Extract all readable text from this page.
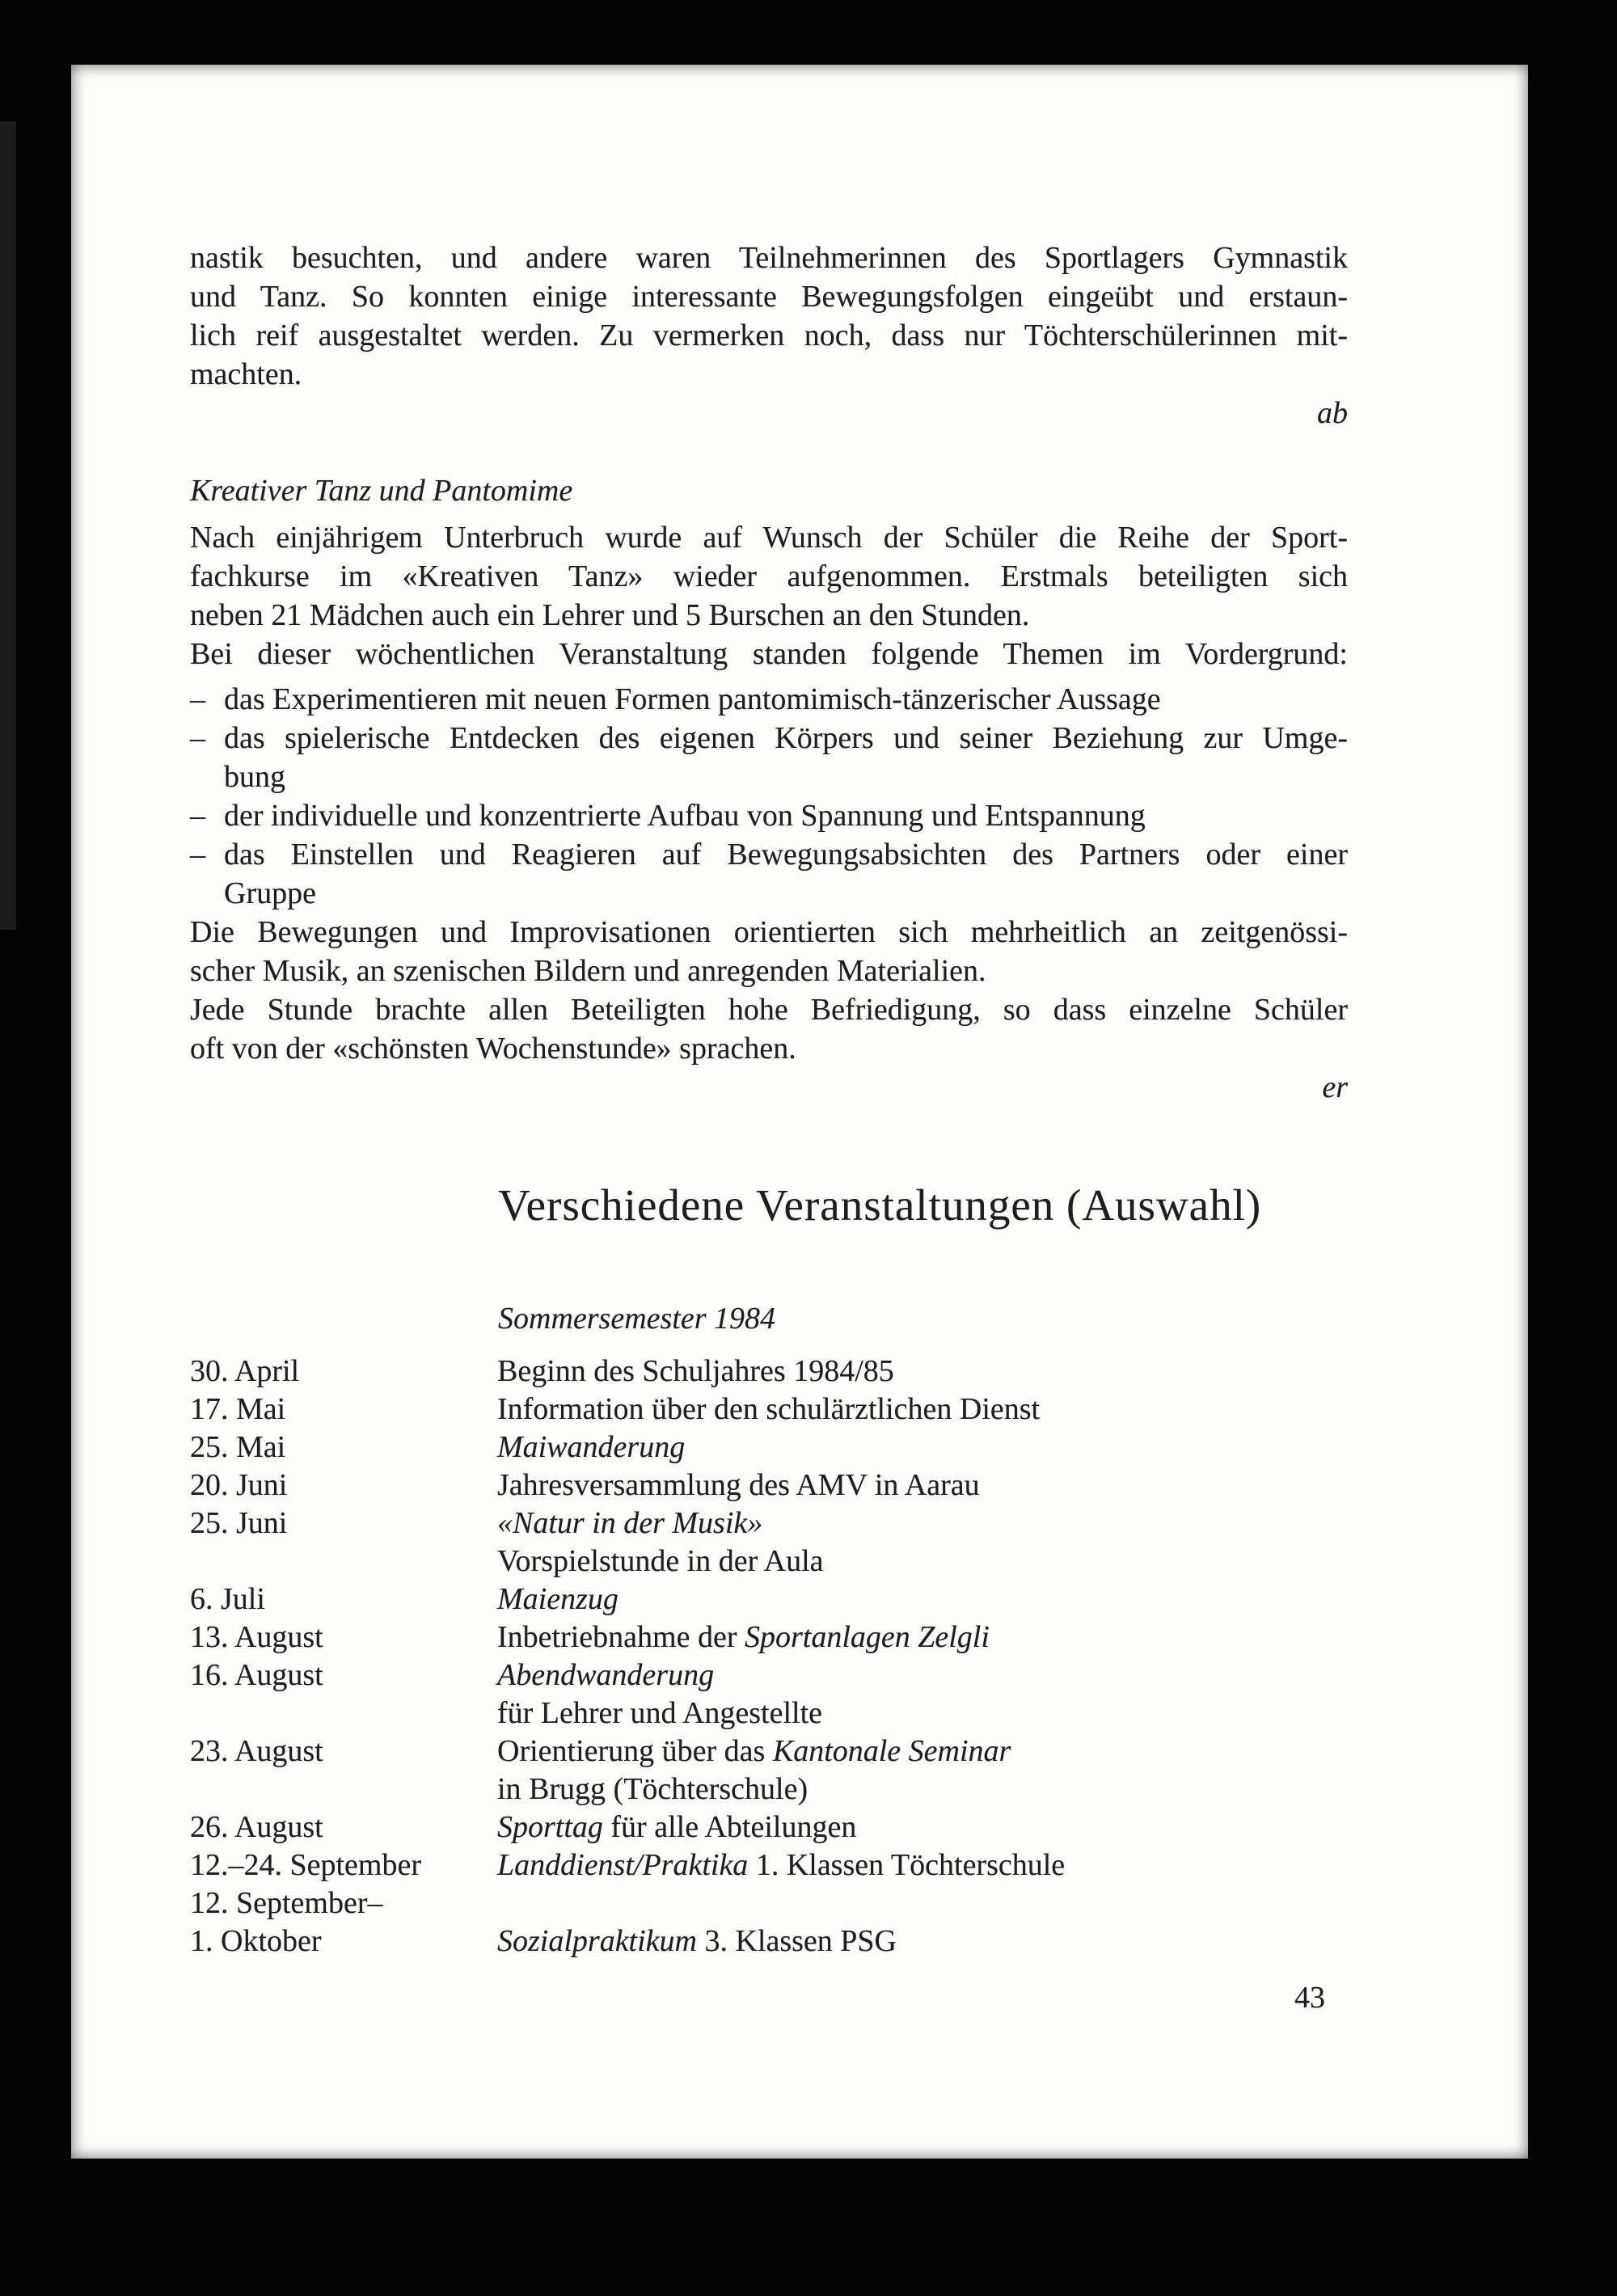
nastik besuchten, und andere waren Teilnehmerinnen des Sportlagers Gymnastik
und Tanz. So konnten einige interessante Bewegungsfolgen eingeübt und erstaun-
lich reif ausgestaltet werden. Zu vermerken noch, dass nur Töchterschülerinnen mit-
machten.
ab
Kreativer Tanz und Pantomime
Nach einjährigem Unterbruch wurde auf Wunsch der Schüler die Reihe der Sport-
fachkurse im «Kreativen Tanz» wieder aufgenommen. Erstmals beteiligten sich
neben 21 Mädchen auch ein Lehrer und 5 Burschen an den Stunden.
Bei dieser wöchentlichen Veranstaltung standen folgende Themen im Vordergrund:
– das Experimentieren mit neuen Formen pantomimisch-tänzerischer Aussage
– das spielerische Entdecken des eigenen Körpers und seiner Beziehung zur Umge-
bung
– der individuelle und konzentrierte Aufbau von Spannung und Entspannung
– das Einstellen und Reagieren auf Bewegungsabsichten des Partners oder einer
Gruppe
Die Bewegungen und Improvisationen orientierten sich mehrheitlich an zeitgenössi-
scher Musik, an szenischen Bildern und anregenden Materialien.
Jede Stunde brachte allen Beteiligten hohe Befriedigung, so dass einzelne Schüler
oft von der «schönsten Wochenstunde» sprachen.
er
Verschiedene Veranstaltungen (Auswahl)
Sommersemester 1984
30. April	Beginn des Schuljahres 1984/85
17. Mai	Information über den schulärztlichen Dienst
25. Mai	Maiwanderung
20. Juni	Jahresversammlung des AMV in Aarau
25. Juni	«Natur in der Musik»
Vorspielstunde in der Aula
6. Juli	Maienzug
13. August	Inbetriebnahme der Sportanlagen Zelgli
16. August	Abendwanderung
für Lehrer und Angestellte
23. August	Orientierung über das Kantonale Seminar
in Brugg (Töchterschule)
26. August	Sporttag für alle Abteilungen
12.–24. September	Landdienst/Praktika 1. Klassen Töchterschule
12. September–
1. Oktober	Sozialpraktikum 3. Klassen PSG
43
